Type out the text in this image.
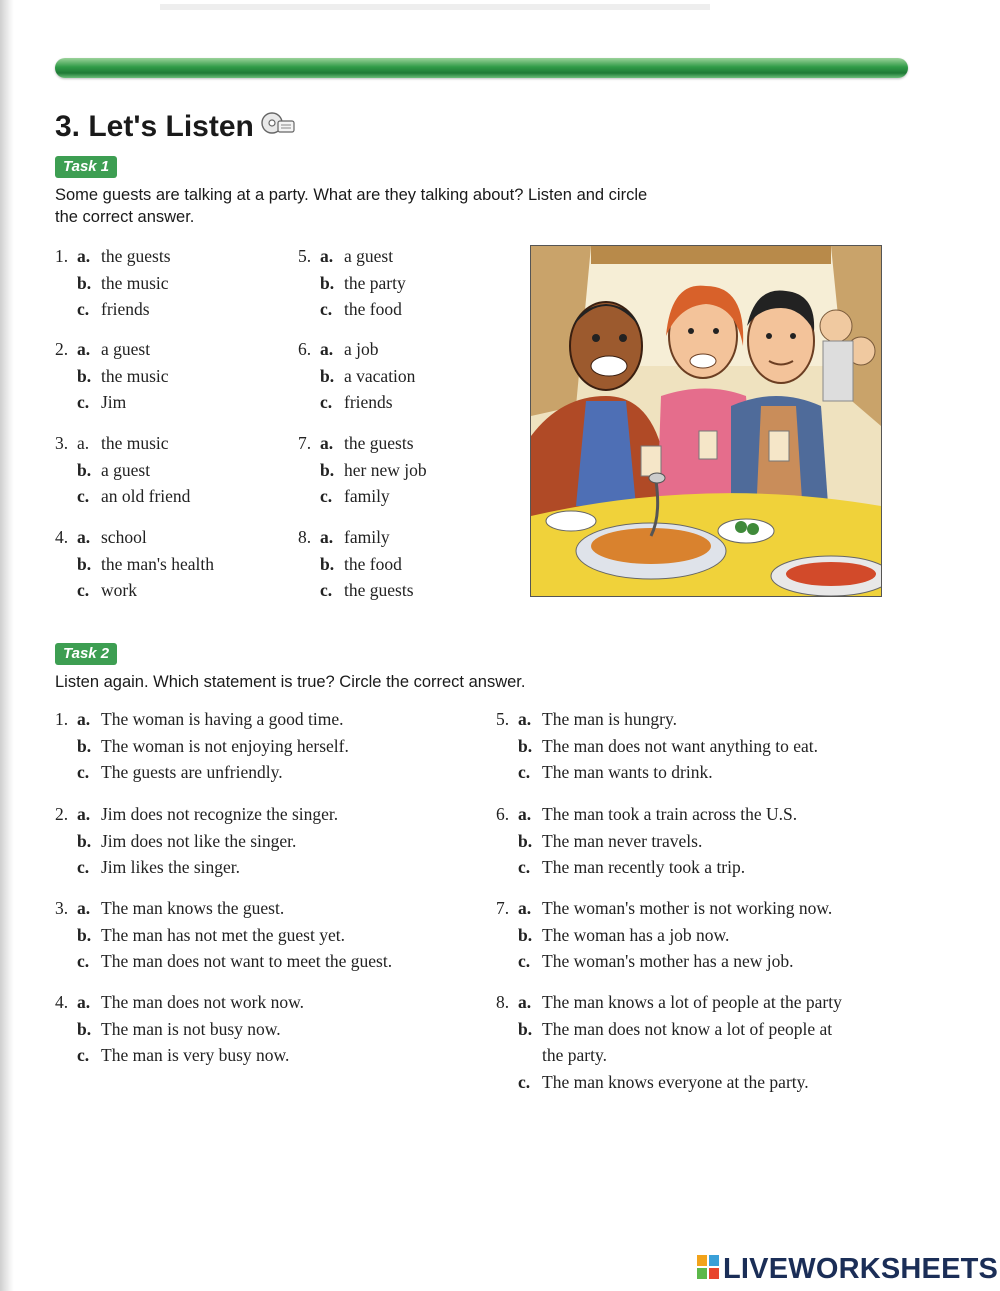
3. Let's Listen
Task 1

Some guests are talking at a party. What are they talking about? Listen and circle
the correct answer.

1. a. the guests
b. the music
c. friends
2. a. a guest
b. the music
c. Jim
3. a. the music
b. a guest
c. an old friend
4. a. school
b. the man's health
c. work
5. a. a guest
b. the party
c. the food
6. a. a job
b. a vacation
c. friends
7. a. the guests
b. her new job
c. family
8. a. family
b. the food
c. the guests
Task 2

Listen again. Which statement is true? Circle the correct answer.

1. a. The woman is having a good time.
b. The woman is not enjoying herself.
c. The guests are unfriendly.
2. a. Jim does not recognize the singer.
b. Jim does not like the singer.
c. Jim likes the singer.
3. a. The man knows the guest.
b. The man has not met the guest yet.
c. The man does not want to meet the guest.
4. a. The man does not work now.
b. The man is not busy now.
c. The man is very busy now.
5. a. The man is hungry.
b. The man does not want anything to eat.
c. The man wants to drink.
6. a. The man took a train across the U.S.
b. The man never travels.
c. The man recently took a trip.
7. a. The woman's mother is not working now.
b. The woman has a job now.
c. The woman's mother has a new job.
8. a. The man knows a lot of people at the party
b. The man does not know a lot of people at
the party.
c. The man knows everyone at the party.
LIVEWORKSHEETS
